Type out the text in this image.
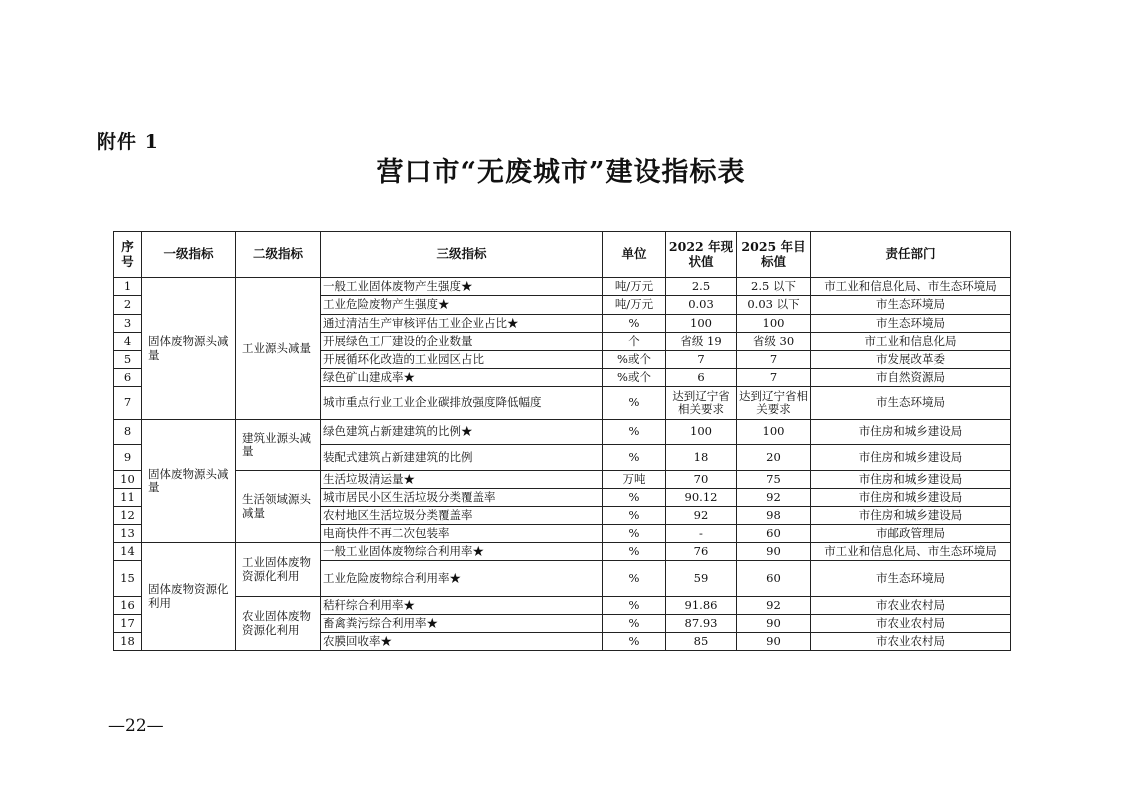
附件 1
营口市“无废城市”建设指标表
序号	一级指标	二级指标	三级指标	单位	2022 年现状值	2025 年目标值	责任部门
1	固体废物源头减量	工业源头减量	一般工业固体废物产生强度★	吨/万元	2.5	2.5 以下	市工业和信息化局、市生态环境局
2			工业危险废物产生强度★	吨/万元	0.03	0.03 以下	市生态环境局
3			通过清洁生产审核评估工业企业占比★	%	100	100	市生态环境局
4			开展绿色工厂建设的企业数量	个	省级 19	省级 30	市工业和信息化局
5			开展循环化改造的工业园区占比	%或个	7	7	市发展改革委
6			绿色矿山建成率★	%或个	6	7	市自然资源局
7			城市重点行业工业企业碳排放强度降低幅度	%	达到辽宁省相关要求	达到辽宁省相关要求	市生态环境局
8	固体废物源头减量	建筑业源头减量	绿色建筑占新建建筑的比例★	%	100	100	市住房和城乡建设局
9			装配式建筑占新建建筑的比例	%	18	20	市住房和城乡建设局
10		生活领域源头减量	生活垃圾清运量★	万吨	70	75	市住房和城乡建设局
11			城市居民小区生活垃圾分类覆盖率	%	90.12	92	市住房和城乡建设局
12			农村地区生活垃圾分类覆盖率	%	92	98	市住房和城乡建设局
13			电商快件不再二次包装率	%	-	60	市邮政管理局
14	固体废物资源化利用	工业固体废物资源化利用	一般工业固体废物综合利用率★	%	76	90	市工业和信息化局、市生态环境局
15			工业危险废物综合利用率★	%	59	60	市生态环境局
16		农业固体废物资源化利用	秸秆综合利用率★	%	91.86	92	市农业农村局
17			畜禽粪污综合利用率★	%	87.93	90	市农业农村局
18			农膜回收率★	%	85	90	市农业农村局
—22—
